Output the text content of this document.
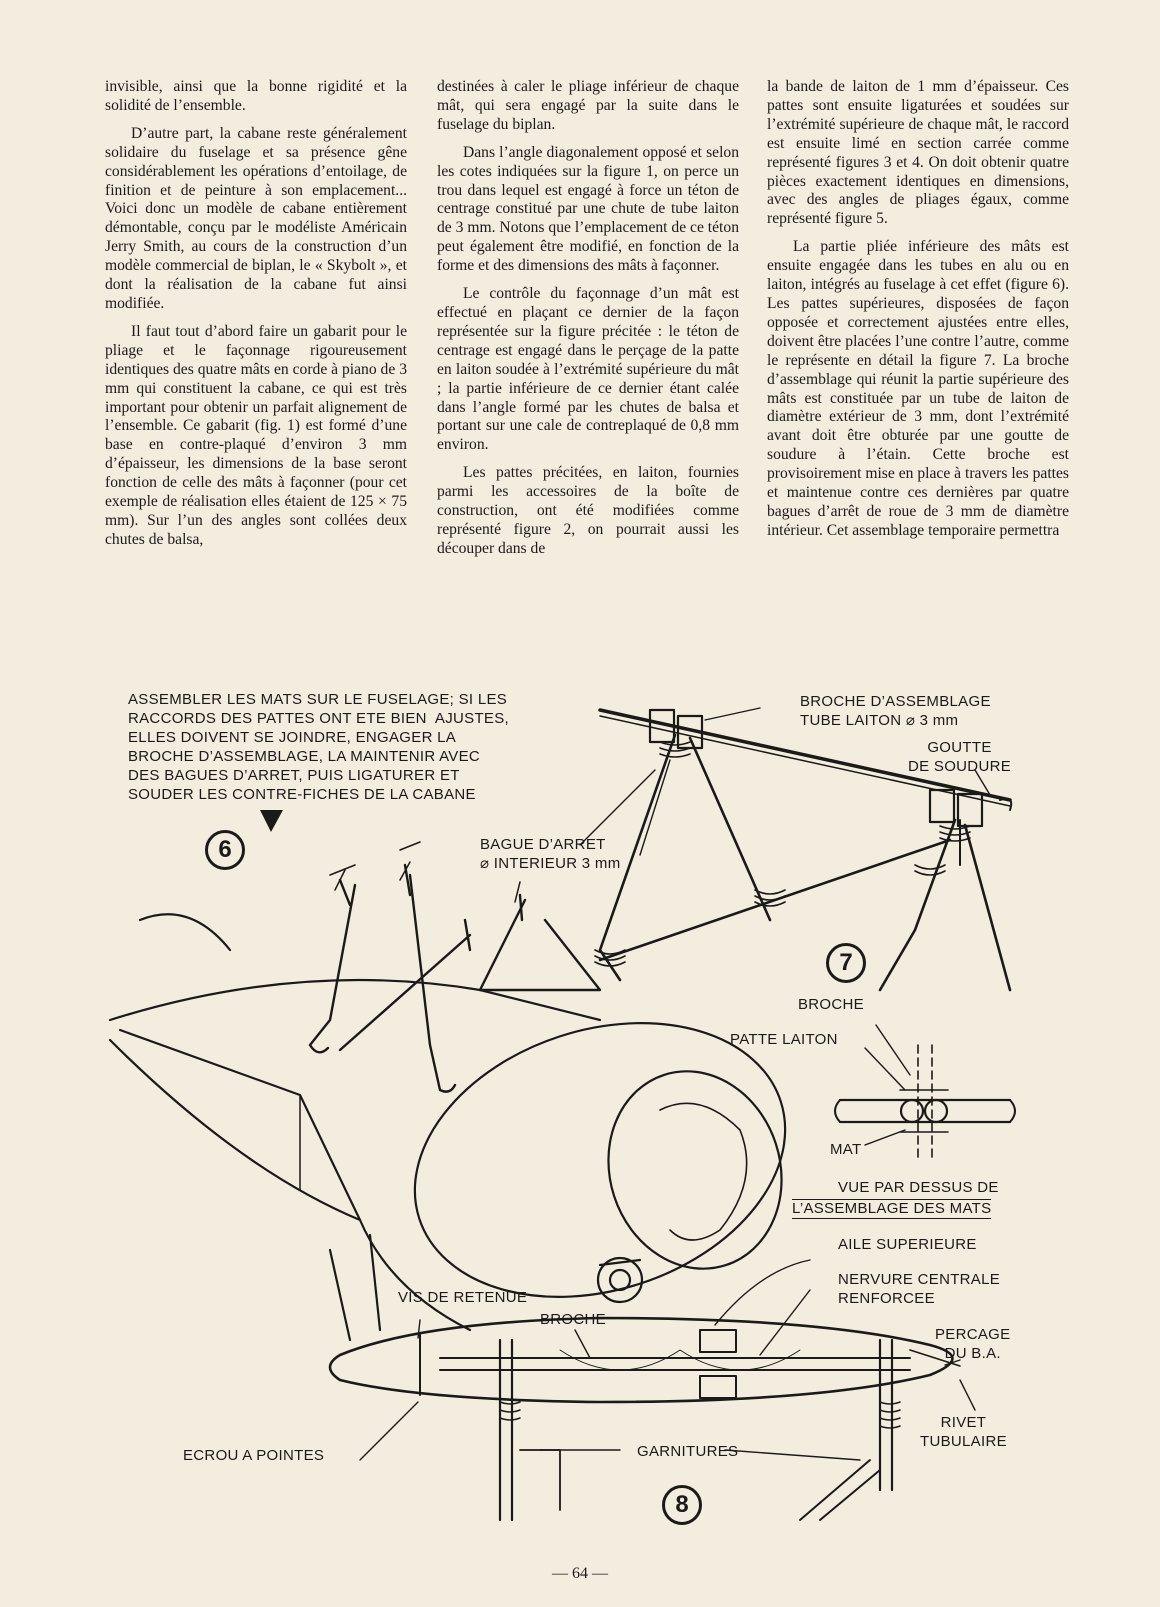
invisible, ainsi que la bonne rigidité et la solidité de l’ensemble.

D’autre part, la cabane reste généralement solidaire du fuselage et sa présence gêne considérablement les opérations d’entoilage, de finition et de peinture à son emplacement... Voici donc un modèle de cabane entièrement démontable, conçu par le modéliste Américain Jerry Smith, au cours de la construction d’un modèle commercial de biplan, le « Skybolt », et dont la réalisation de la cabane fut ainsi modifiée.

Il faut tout d’abord faire un gabarit pour le pliage et le façonnage rigoureusement identiques des quatre mâts en corde à piano de 3 mm qui constituent la cabane, ce qui est très important pour obtenir un parfait alignement de l’ensemble. Ce gabarit (fig. 1) est formé d’une base en contre-plaqué d’environ 3 mm d’épaisseur, les dimensions de la base seront fonction de celle des mâts à façonner (pour cet exemple de réalisation elles étaient de 125 × 75 mm). Sur l’un des angles sont collées deux chutes de balsa,

destinées à caler le pliage inférieur de chaque mât, qui sera engagé par la suite dans le fuselage du biplan.

Dans l’angle diagonalement opposé et selon les cotes indiquées sur la figure 1, on perce un trou dans lequel est engagé à force un téton de centrage constitué par une chute de tube laiton de 3 mm. Notons que l’emplacement de ce téton peut également être modifié, en fonction de la forme et des dimensions des mâts à façonner.

Le contrôle du façonnage d’un mât est effectué en plaçant ce dernier de la façon représentée sur la figure précitée : le téton de centrage est engagé dans le perçage de la patte en laiton soudée à l’extrémité supérieure du mât ; la partie inférieure de ce dernier étant calée dans l’angle formé par les chutes de balsa et portant sur une cale de contreplaqué de 0,8 mm environ.

Les pattes précitées, en laiton, fournies parmi les accessoires de la boîte de construction, ont été modifiées comme représenté figure 2, on pourrait aussi les découper dans de

la bande de laiton de 1 mm d’épaisseur. Ces pattes sont ensuite ligaturées et soudées sur l’extrémité supérieure de chaque mât, le raccord est ensuite limé en section carrée comme représenté figures 3 et 4. On doit obtenir quatre pièces exactement identiques en dimensions, avec des angles de pliages égaux, comme représenté figure 5.

La partie pliée inférieure des mâts est ensuite engagée dans les tubes en alu ou en laiton, intégrés au fuselage à cet effet (figure 6). Les pattes supérieures, disposées de façon opposée et correctement ajustées entre elles, doivent être placées l’une contre l’autre, comme le représente en détail la figure 7. La broche d’assemblage qui réunit la partie supérieure des mâts est constituée par un tube de laiton de diamètre extérieur de 3 mm, dont l’extrémité avant doit être obturée par une goutte de soudure à l’étain. Cette broche est provisoirement mise en place à travers les pattes et maintenue contre ces dernières par quatre bagues d’arrêt de roue de 3 mm de diamètre intérieur. Cet assemblage temporaire permettra

ASSEMBLER LES MATS SUR LE FUSELAGE; SI LES
RACCORDS DES PATTES ONT ETE BIEN  AJUSTES,
ELLES DOIVENT SE JOINDRE, ENGAGER LA
BROCHE D’ASSEMBLAGE, LA MAINTENIR AVEC
DES BAGUES D’ARRET, PUIS LIGATURER ET
SOUDER LES CONTRE-FICHES DE LA CABANE
6	BAGUE D’ARRET
⌀ INTERIEUR 3 mm
BROCHE D’ASSEMBLAGE
TUBE LAITON ⌀ 3 mm
GOUTTE
DE SOUDURE
7
BROCHE
PATTE LAITON
MAT
VUE PAR DESSUS DE
L’ASSEMBLAGE DES MATS
AILE SUPERIEURE
NERVURE CENTRALE
RENFORCEE
VIS DE RETENUE
BROCHE
PERCAGE
DU B.A.
RIVET
TUBULAIRE
ECROU A POINTES	GARNITURES
8
— 64 —
